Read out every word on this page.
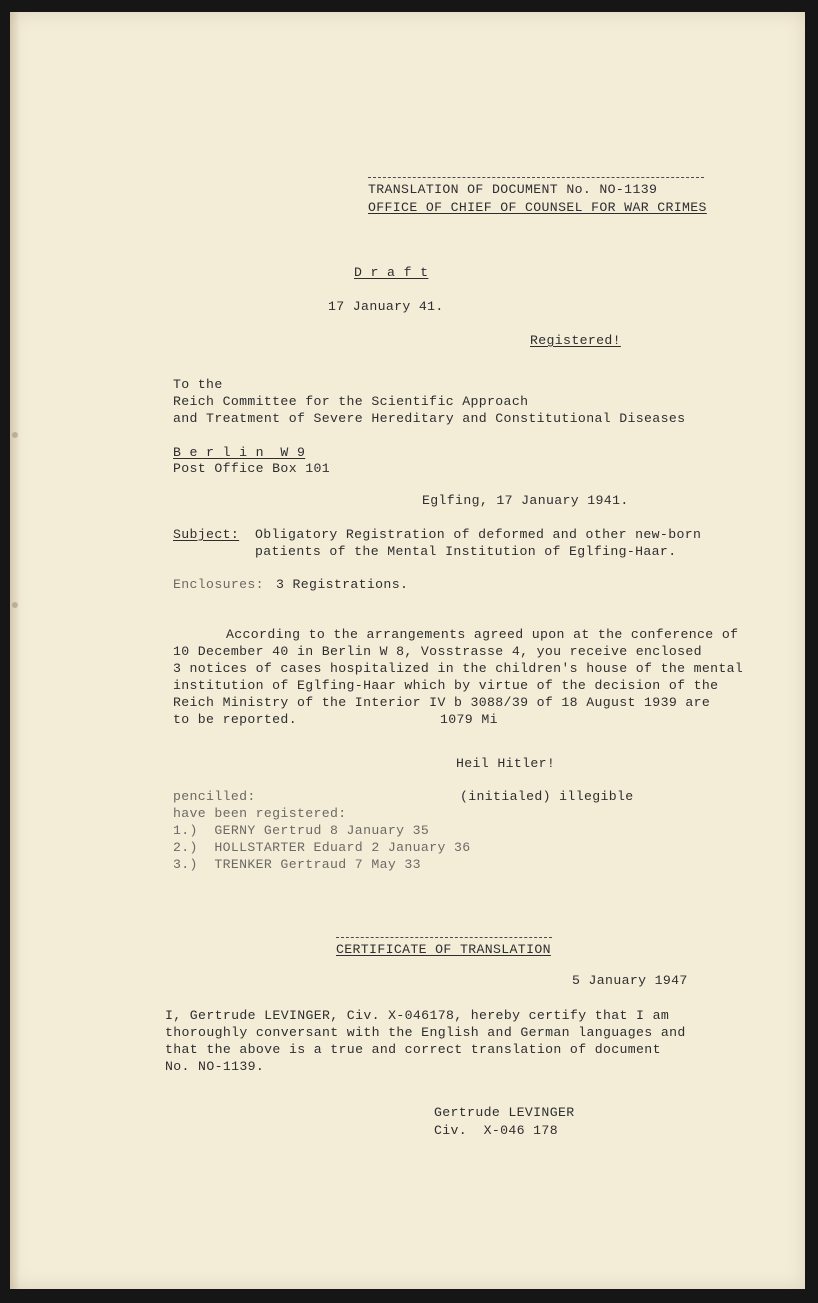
TRANSLATION OF DOCUMENT No. NO-1139
OFFICE OF CHIEF OF COUNSEL FOR WAR CRIMES
D r a f t
17 January 41.
Registered!
To the
Reich Committee for the Scientific Approach
and Treatment of Severe Hereditary and Constitutional Diseases
B e r l i n  W 9
Post Office Box 101
Eglfing, 17 January 1941.
Subject: Obligatory Registration of deformed and other new-born
patients of the Mental Institution of Eglfing-Haar.
Enclosures: 3 Registrations.
According to the arrangements agreed upon at the conference of
10 December 40 in Berlin W 8, Vosstrasse 4, you receive enclosed
3 notices of cases hospitalized in the children's house of the mental
institution of Eglfing-Haar which by virtue of the decision of the
Reich Ministry of the Interior IV b 3088/39 of 18 August 1939 are
to be reported.	1079 Mi
Heil Hitler!
(initialed) illegible
pencilled:
have been registered:
1.)  GERNY Gertrud 8 January 35
2.)  HOLLSTARTER Eduard 2 January 36
3.)  TRENKER Gertraud 7 May 33
CERTIFICATE OF TRANSLATION
5 January 1947
I, Gertrude LEVINGER, Civ. X-046178, hereby certify that I am
thoroughly conversant with the English and German languages and
that the above is a true and correct translation of document
No. NO-1139.
Gertrude LEVINGER
Civ.  X-046 178
